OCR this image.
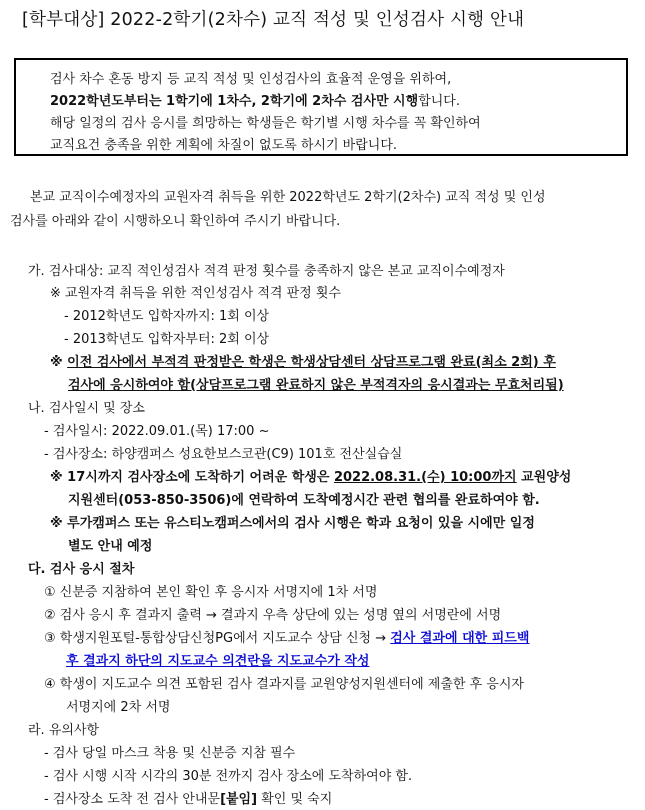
[학부대상] 2022-2학기(2차수) 교직 적성 및 인성검사 시행 안내
검사 차수 혼동 방지 등 교직 적성 및 인성검사의 효율적 운영을 위하여,
2022학년도부터는 1학기에 1차수, 2학기에 2차수 검사만 시행합니다.
해당 일정의 검사 응시를 희망하는 학생들은 학기별 시행 차수를 꼭 확인하여
교직요건 충족을 위한 계획에 차질이 없도록 하시기 바랍니다.
본교 교직이수예정자의 교원자격 취득을 위한 2022학년도 2학기(2차수) 교직 적성 및 인성
검사를 아래와 같이 시행하오니 확인하여 주시기 바랍니다.
가. 검사대상: 교직 적인성검사 적격 판정 횟수를 충족하지 않은 본교 교직이수예정자
※ 교원자격 취득을 위한 적인성검사 적격 판정 횟수
- 2012학년도 입학자까지: 1회 이상
- 2013학년도 입학자부터: 2회 이상
※ 이전 검사에서 부적격 판정받은 학생은 학생상담센터 상담프로그램 완료(최소 2회) 후
검사에 응시하여야 함(상담프로그램 완료하지 않은 부적격자의 응시결과는 무효처리됨)
나. 검사일시 및 장소
- 검사일시: 2022.09.01.(목) 17:00 ~
- 검사장소: 하양캠퍼스 성요한보스코관(C9) 101호 전산실습실
※ 17시까지 검사장소에 도착하기 어려운 학생은 2022.08.31.(수) 10:00까지 교원양성
지원센터(053-850-3506)에 연락하여 도착예정시간 관련 협의를 완료하여야 함.
※ 루가캠퍼스 또는 유스티노캠퍼스에서의 검사 시행은 학과 요청이 있을 시에만 일정
별도 안내 예정
다. 검사 응시 절차
① 신분증 지참하여 본인 확인 후 응시자 서명지에 1차 서명
② 검사 응시 후 결과지 출력 → 결과지 우측 상단에 있는 성명 옆의 서명란에 서명
③ 학생지원포털-통합상담신청PG에서 지도교수 상담 신청 → 검사 결과에 대한 피드백
후 결과지 하단의 지도교수 의견란을 지도교수가 작성
④ 학생이 지도교수 의견 포함된 검사 결과지를 교원양성지원센터에 제출한 후 응시자
서명지에 2차 서명
라. 유의사항
- 검사 당일 마스크 착용 및 신분증 지참 필수
- 검사 시행 시작 시각의 30분 전까지 검사 장소에 도착하여야 함.
- 검사장소 도착 전 검사 안내문[붙임] 확인 및 숙지
